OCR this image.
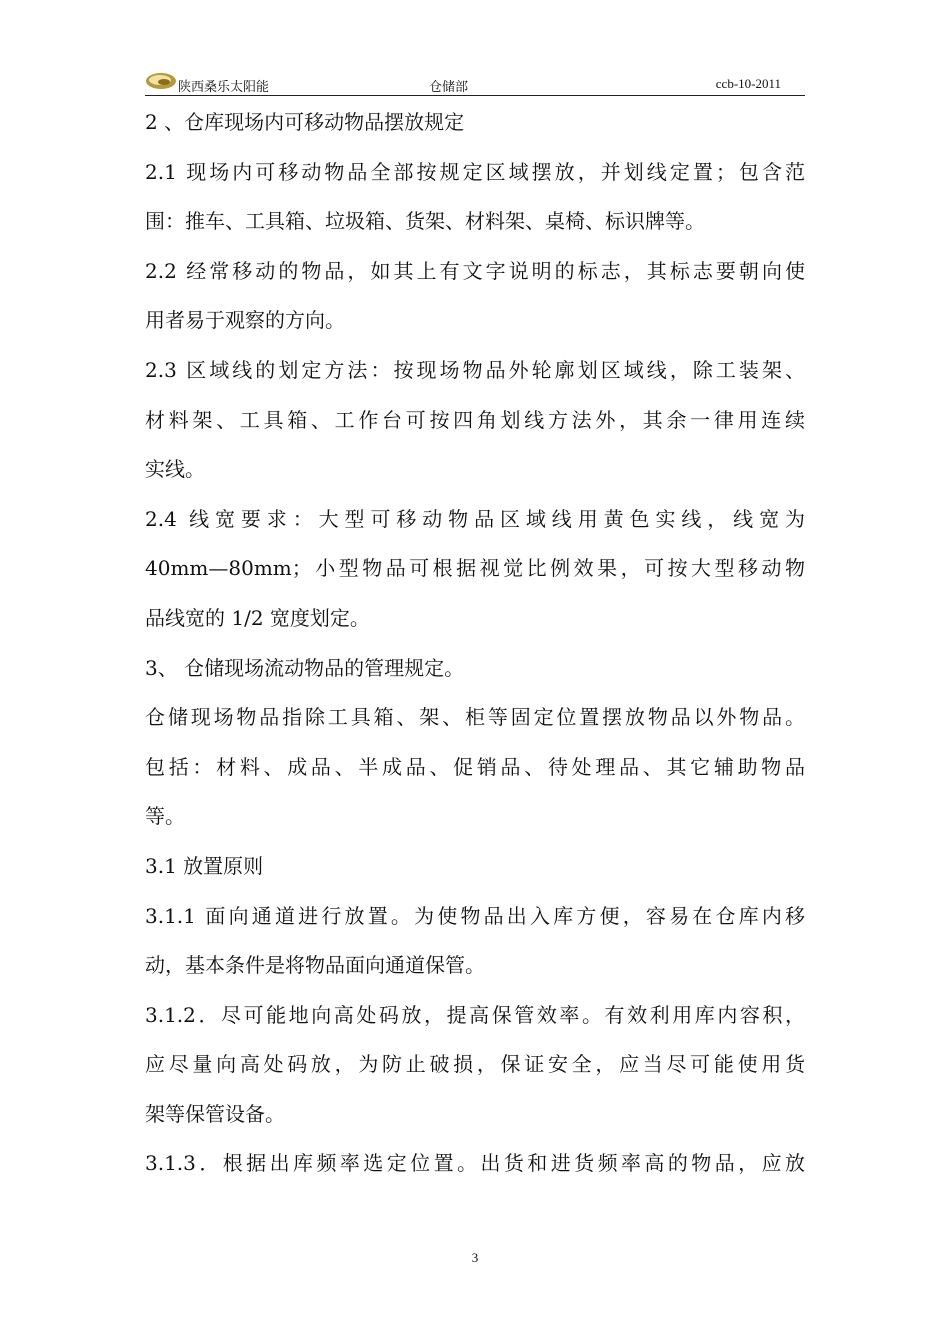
陕西桑乐太阳能	仓储部	ccb-10-2011
2 、仓库现场内可移动物品摆放规定
2.1 现场内可移动物品全部按规定区域摆放，并划线定置；包含范
围：推车、工具箱、垃圾箱、货架、材料架、桌椅、标识牌等。
2.2 经常移动的物品，如其上有文字说明的标志，其标志要朝向使
用者易于观察的方向。
2.3 区域线的划定方法：按现场物品外轮廓划区域线，除工装架、
材料架、工具箱、工作台可按四角划线方法外，其余一律用连续
实线。
2.4 线宽要求：大型可移动物品区域线用黄色实线，线宽为
40mm—80mm；小型物品可根据视觉比例效果，可按大型移动物
品线宽的 1/2 宽度划定。
3、 仓储现场流动物品的管理规定。
仓储现场物品指除工具箱、架、柜等固定位置摆放物品以外物品。
包括：材料、成品、半成品、促销品、待处理品、其它辅助物品
等。
3.1 放置原则
3.1.1 面向通道进行放置。为使物品出入库方便，容易在仓库内移
动，基本条件是将物品面向通道保管。
3.1.2．尽可能地向高处码放，提高保管效率。有效利用库内容积，
应尽量向高处码放，为防止破损，保证安全，应当尽可能使用货
架等保管设备。
3.1.3．根据出库频率选定位置。出货和进货频率高的物品，应放
3
